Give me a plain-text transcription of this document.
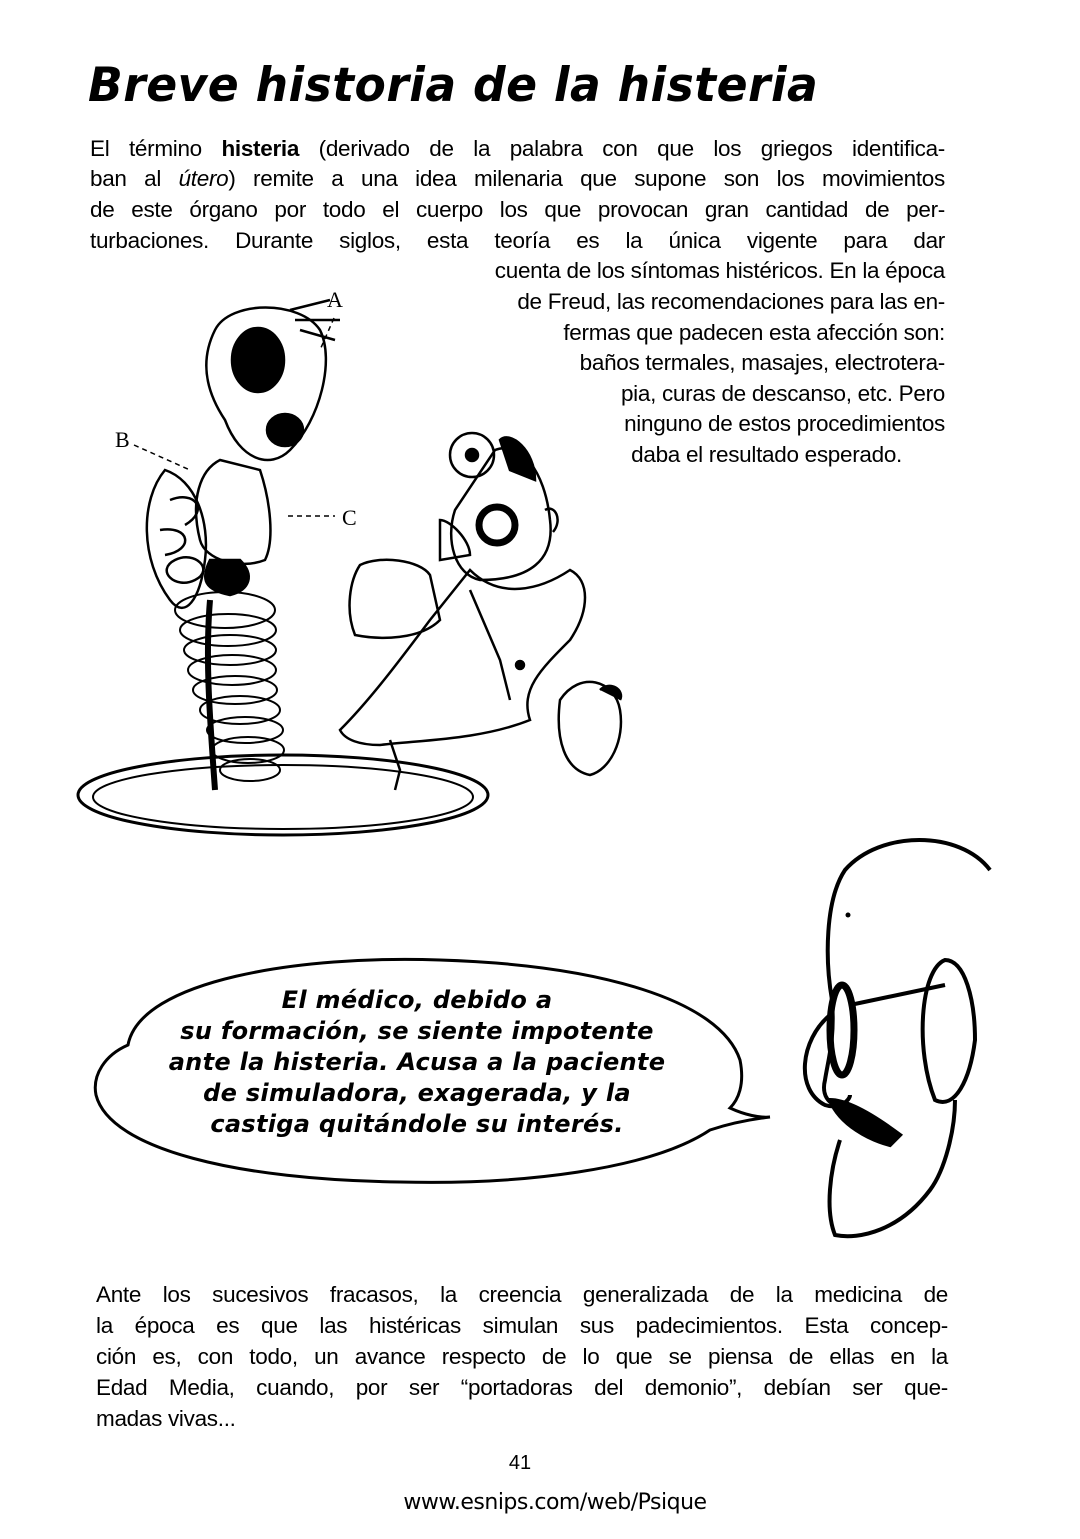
Breve historia de la histeria
El término histeria (derivado de la palabra con que los griegos identifica-
ban al útero) remite a una idea milenaria que supone son los movimientos
de este órgano por todo el cuerpo los que provocan gran cantidad de per-
turbaciones. Durante siglos, esta teoría es la única vigente para dar
cuenta de los síntomas histéricos. En la época
de Freud, las recomendaciones para las en-
fermas que padecen esta afección son:
baños termales, masajes, electrotera-
pia, curas de descanso, etc. Pero
ninguno de estos procedimientos
daba el resultado esperado.
A
B
C
El médico, debido a
su formación, se siente impotente
ante la histeria. Acusa a la paciente
de simuladora, exagerada, y la
castiga quitándole su interés.
Ante los sucesivos fracasos, la creencia generalizada de la medicina de
la época es que las histéricas simulan sus padecimientos. Esta concep-
ción es, con todo, un avance respecto de lo que se piensa de ellas en la
Edad Media, cuando, por ser “portadoras del demonio”, debían ser que-
madas vivas...
41
www.esnips.com/web/Psique
